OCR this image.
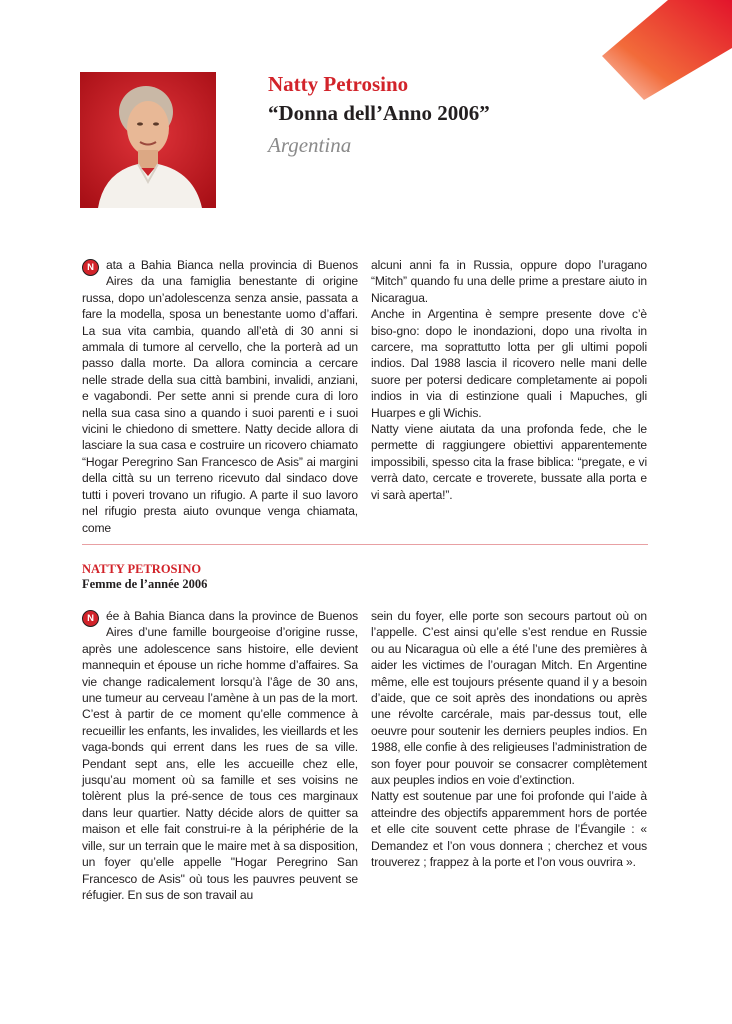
Natty Petrosino

“Donna dell’Anno 2006”

Argentina

N	ata a Bahia Bianca nella provincia di Buenos Aires da una famiglia benestante di origine russa, dopo un’adolescenza senza ansie, passata a fare la modella, sposa un benestante uomo d’affari. La sua vita cambia, quando all’età di 30 anni si ammala di tumore al cervello, che la porterà ad un passo dalla morte. Da allora comincia a cercare nelle strade della sua città bambini, invalidi, anziani, e vagabondi. Per sette anni si prende cura di loro nella sua casa sino a quando i suoi parenti e i suoi vicini le chiedono di smettere. Natty decide allora di lasciare la sua casa e costruire un ricovero chiamato “Hogar Peregrino San Francesco de Asis” ai margini della città su un terreno ricevuto dal sindaco dove tutti i poveri trovano un rifugio. A parte il suo lavoro nel rifugio presta aiuto ovunque venga chiamata, come

alcuni anni fa in Russia, oppure dopo l’uragano “Mitch” quando fu una delle prime a prestare aiuto in Nicaragua.

Anche in Argentina è sempre presente dove c’è biso-gno: dopo le inondazioni, dopo una rivolta in carcere, ma soprattutto lotta per gli ultimi popoli indios. Dal 1988 lascia il ricovero nelle mani delle suore per potersi dedicare completamente ai popoli indios in via di estinzione quali i Mapuches, gli Huarpes e gli Wichis.

Natty viene aiutata da una profonda fede, che le permette di raggiungere obiettivi apparentemente impossibili, spesso cita la frase biblica: “pregate, e vi verrà dato, cercate e troverete, bussate alla porta e vi sarà aperta!”.

NATTY PETROSINO

Femme de l’année 2006

N	ée à Bahia Bianca dans la province de Buenos Aires d’une famille bourgeoise d’origine russe, après une adolescence sans histoire, elle devient mannequin et épouse un riche homme d’affaires. Sa vie change radicalement lorsqu’à l’âge de 30 ans, une tumeur au cerveau l’amène à un pas de la mort. C’est à partir de ce moment qu’elle commence à recueillir les enfants, les invalides, les vieillards et les vaga-bonds qui errent dans les rues de sa ville. Pendant sept ans, elle les accueille chez elle, jusqu’au moment où sa famille et ses voisins ne tolèrent plus la pré-sence de tous ces marginaux dans leur quartier. Natty décide alors de quitter sa maison et elle fait construi-re à la périphérie de la ville, sur un terrain que le maire met à sa disposition, un foyer qu’elle appelle "Hogar Peregrino San Francesco de Asis" où tous les pauvres peuvent se réfugier. En sus de son travail au

sein du foyer, elle porte son secours partout où on l’appelle. C’est ainsi qu’elle s’est rendue en Russie ou au Nicaragua où elle a été l’une des premières à aider les victimes de l’ouragan Mitch. En Argentine même, elle est toujours présente quand il y a besoin d’aide, que ce soit après des inondations ou après une révolte carcérale, mais par-dessus tout, elle oeuvre pour soutenir les derniers peuples indios. En 1988, elle confie à des religieuses l’administration de son foyer pour pouvoir se consacrer complètement aux peuples indios en voie d’extinction.

Natty est soutenue par une foi profonde qui l’aide à atteindre des objectifs apparemment hors de portée et elle cite souvent cette phrase de l’Évangile : « Demandez et l’on vous donnera ; cherchez et vous trouverez ; frappez à la porte et l’on vous ouvrira ».
